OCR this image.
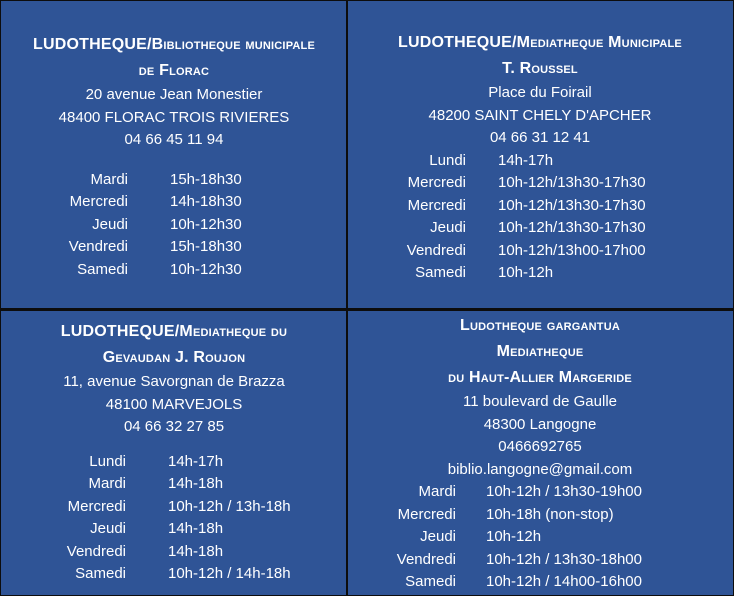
LUDOTHEQUE/Bibliotheque municipale
de Florac
20 avenue Jean Monestier
48400 FLORAC TROIS RIVIERES
04 66 45 11 94
Mardi	15h-18h30
Mercredi	14h-18h30
Jeudi	10h-12h30
Vendredi	15h-18h30
Samedi	10h-12h30
LUDOTHEQUE/Mediatheque Municipale
T. Roussel
Place du Foirail
48200 SAINT CHELY D'APCHER
04 66 31 12 41
Lundi 14h-17h
Mercredi 10h-12h/13h30-17h30
Mercredi 10h-12h/13h30-17h30
Jeudi 10h-12h/13h30-17h30
Vendredi 10h-12h/13h00-17h00
Samedi 10h-12h
LUDOTHEQUE/Mediatheque du
Gevaudan J. Roujon
11, avenue Savorgnan de Brazza
48100 MARVEJOLS
04 66 32 27 85
Lundi	14h-17h
Mardi	14h-18h
Mercredi	10h-12h / 13h-18h
Jeudi	14h-18h
Vendredi	14h-18h
Samedi	10h-12h / 14h-18h
Ludotheque gargantua
Mediatheque
du Haut-Allier Margeride
11 boulevard de Gaulle
48300 Langogne
0466692765
biblio.langogne@gmail.com
Mardi 10h-12h / 13h30-19h00
Mercredi 10h-18h (non-stop)
Jeudi 10h-12h
Vendredi 10h-12h / 13h30-18h00
Samedi 10h-12h / 14h00-16h00
